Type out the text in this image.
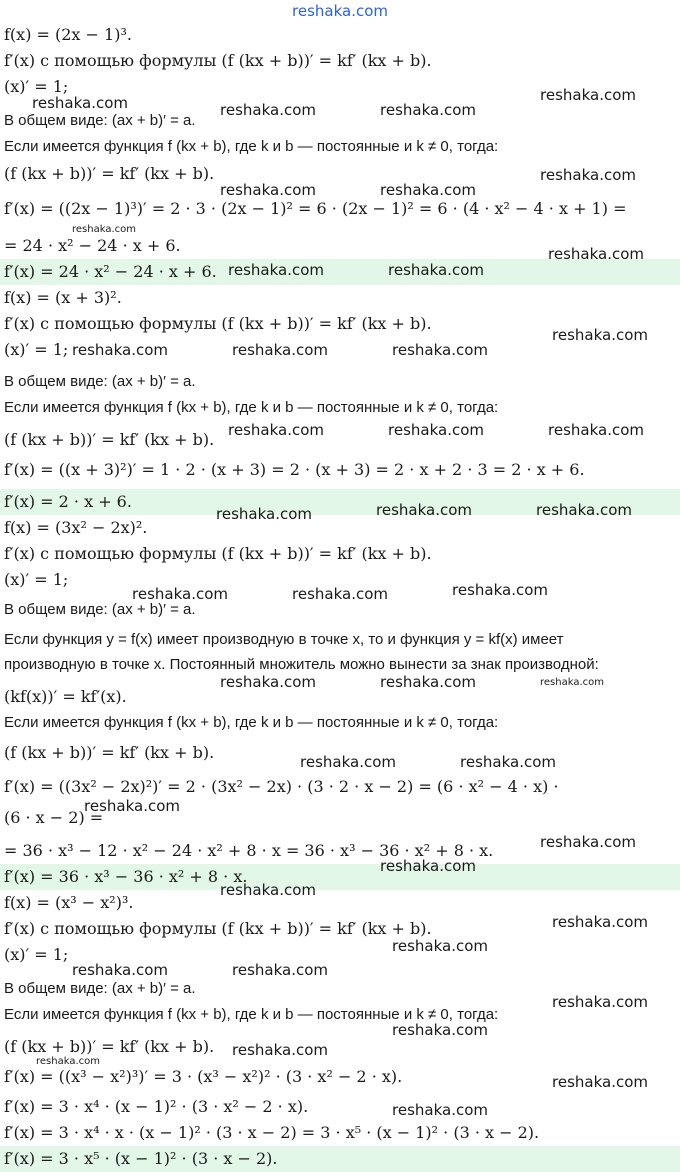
reshaka.com
f(x) = (2x − 1)³.
f′(x) с помощью формулы (f (kx + b))′ = kf′ (kx + b).
(x)′ = 1;
В общем виде: (ax + b)′ = a.
Если имеется функция f (kx + b), где k и b — постоянные и k ≠ 0, тогда:
(f (kx + b))′ = kf′ (kx + b).
f′(x) = ((2x − 1)³)′ = 2 · 3 · (2x − 1)² = 6 · (2x − 1)² = 6 · (4 · x² − 4 · x + 1) =
= 24 · x² − 24 · x + 6.
f′(x) = 24 · x² − 24 · x + 6.
f(x) = (x + 3)².
f′(x) с помощью формулы (f (kx + b))′ = kf′ (kx + b).
(x)′ = 1;
В общем виде: (ax + b)′ = a.
Если имеется функция f (kx + b), где k и b — постоянные и k ≠ 0, тогда:
(f (kx + b))′ = kf′ (kx + b).
f′(x) = ((x + 3)²)′ = 1 · 2 · (x + 3) = 2 · (x + 3) = 2 · x + 2 · 3 = 2 · x + 6.
f′(x) = 2 · x + 6.
f(x) = (3x² − 2x)².
f′(x) с помощью формулы (f (kx + b))′ = kf′ (kx + b).
(x)′ = 1;
В общем виде: (ax + b)′ = a.
Если функция y = f(x) имеет производную в точке x, то и функция y = kf(x) имеет
производную в точке x. Постоянный множитель можно вынести за знак производной:
(kf(x))′ = kf′(x).
Если имеется функция f (kx + b), где k и b — постоянные и k ≠ 0, тогда:
(f (kx + b))′ = kf′ (kx + b).
f′(x) = ((3x² − 2x)²)′ = 2 · (3x² − 2x) · (3 · 2 · x − 2) = (6 · x² − 4 · x) ·
(6 · x − 2) =
= 36 · x³ − 12 · x² − 24 · x² + 8 · x = 36 · x³ − 36 · x² + 8 · x.
f′(x) = 36 · x³ − 36 · x² + 8 · x.
f(x) = (x³ − x²)³.
f′(x) с помощью формулы (f (kx + b))′ = kf′ (kx + b).
(x)′ = 1;
В общем виде: (ax + b)′ = a.
Если имеется функция f (kx + b), где k и b — постоянные и k ≠ 0, тогда:
(f (kx + b))′ = kf′ (kx + b).
f′(x) = ((x³ − x²)³)′ = 3 · (x³ − x²)² · (3 · x² − 2 · x).
f′(x) = 3 · x⁴ · (x − 1)² · (3 · x² − 2 · x).
f′(x) = 3 · x⁴ · x · (x − 1)² · (3 · x − 2) = 3 · x⁵ · (x − 1)² · (3 · x − 2).
f′(x) = 3 · x⁵ · (x − 1)² · (3 · x − 2).
reshaka.com	reshaka.com	reshaka.com
reshaka.com
reshaka.com
reshaka.com	reshaka.com
reshaka.com
reshaka.com	reshaka.com
reshaka.com
reshaka.com	reshaka.com	reshaka.com
reshaka.com
reshaka.com	reshaka.com	reshaka.com
reshaka.com	reshaka.com	reshaka.com
reshaka.com	reshaka.com	reshaka.com
reshaka.com	reshaka.com	reshaka.com
reshaka.com	reshaka.com
reshaka.com
reshaka.com
reshaka.com
reshaka.com
reshaka.com
reshaka.com
reshaka.com	reshaka.com
reshaka.com
reshaka.com
reshaka.com
reshaka.com
reshaka.com
reshaka.com
